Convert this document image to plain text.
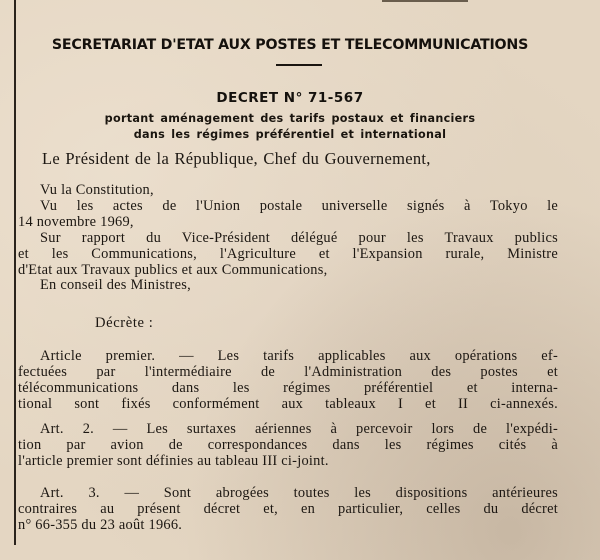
SECRETARIAT D'ETAT AUX POSTES ET TELECOMMUNICATIONS
DECRET N° 71-567
portant aménagement des tarifs postaux et financiers
dans les régimes préférentiel et international
Le Président de la République, Chef du Gouvernement,
Vu la Constitution,
Vu les actes de l'Union postale universelle signés à Tokyo le
14 novembre 1969,
Sur rapport du Vice-Président délégué pour les Travaux publics
et les Communications, l'Agriculture et l'Expansion rurale, Ministre
d'Etat aux Travaux publics et aux Communications,
En conseil des Ministres,
Décrète :
Article premier. — Les tarifs applicables aux opérations ef-
fectuées par l'intermédiaire de l'Administration des postes et
télécommunications dans les régimes préférentiel et interna-
tional sont fixés conformément aux tableaux I et II ci-annexés.
Art. 2. — Les surtaxes aériennes à percevoir lors de l'expédi-
tion par avion de correspondances dans les régimes cités à
l'article premier sont définies au tableau III ci-joint.
Art. 3. — Sont abrogées toutes les dispositions antérieures
contraires au présent décret et, en particulier, celles du décret
n° 66-355 du 23 août 1966.
